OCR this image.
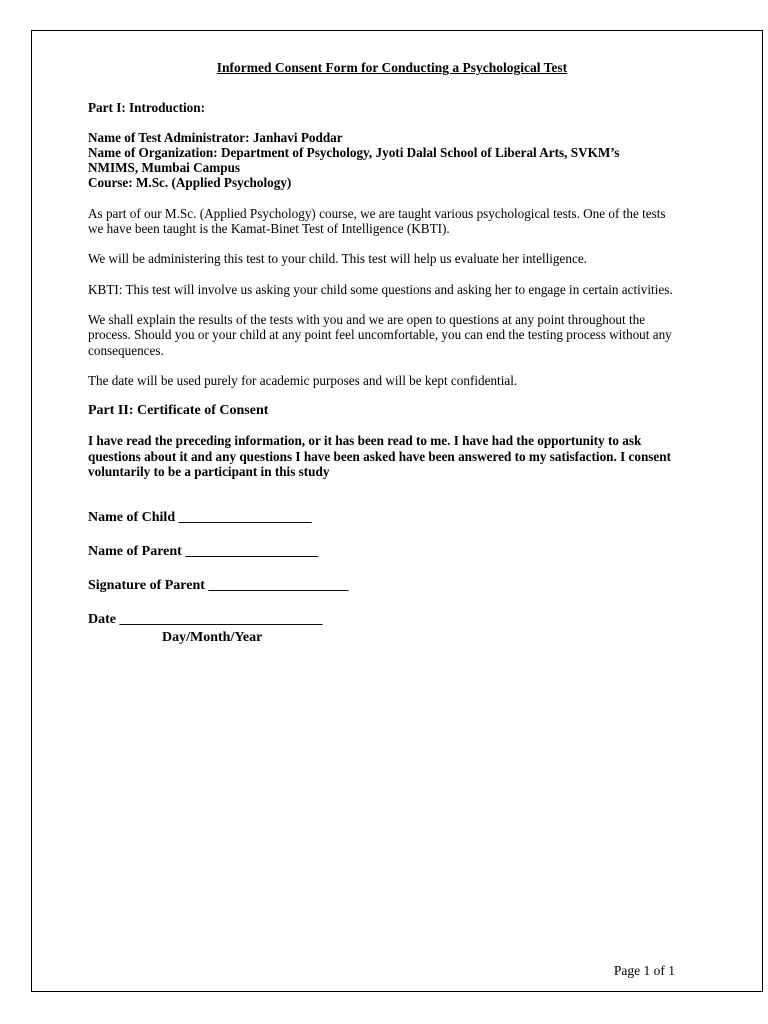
Informed Consent Form for Conducting a Psychological Test
Part I: Introduction:
Name of Test Administrator: Janhavi Poddar
Name of Organization: Department of Psychology, Jyoti Dalal School of Liberal Arts, SVKM’s
NMIMS, Mumbai Campus
Course: M.Sc. (Applied Psychology)

As part of our M.Sc. (Applied Psychology) course, we are taught various psychological tests. One of the tests we have been taught is the Kamat-Binet Test of Intelligence (KBTI).

We will be administering this test to your child. This test will help us evaluate her intelligence.

KBTI: This test will involve us asking your child some questions and asking her to engage in certain activities.

We shall explain the results of the tests with you and we are open to questions at any point throughout the process. Should you or your child at any point feel uncomfortable, you can end the testing process without any consequences.

The date will be used purely for academic purposes and will be kept confidential.

Part II: Certificate of Consent
I have read the preceding information, or it has been read to me. I have had the opportunity to ask questions about it and any questions I have been asked have been answered to my satisfaction. I consent voluntarily to be a participant in this study
Name of Child ___________________
Name of Parent ___________________
Signature of Parent ____________________
Date _____________________________
Day/Month/Year
Page 1 of 1
